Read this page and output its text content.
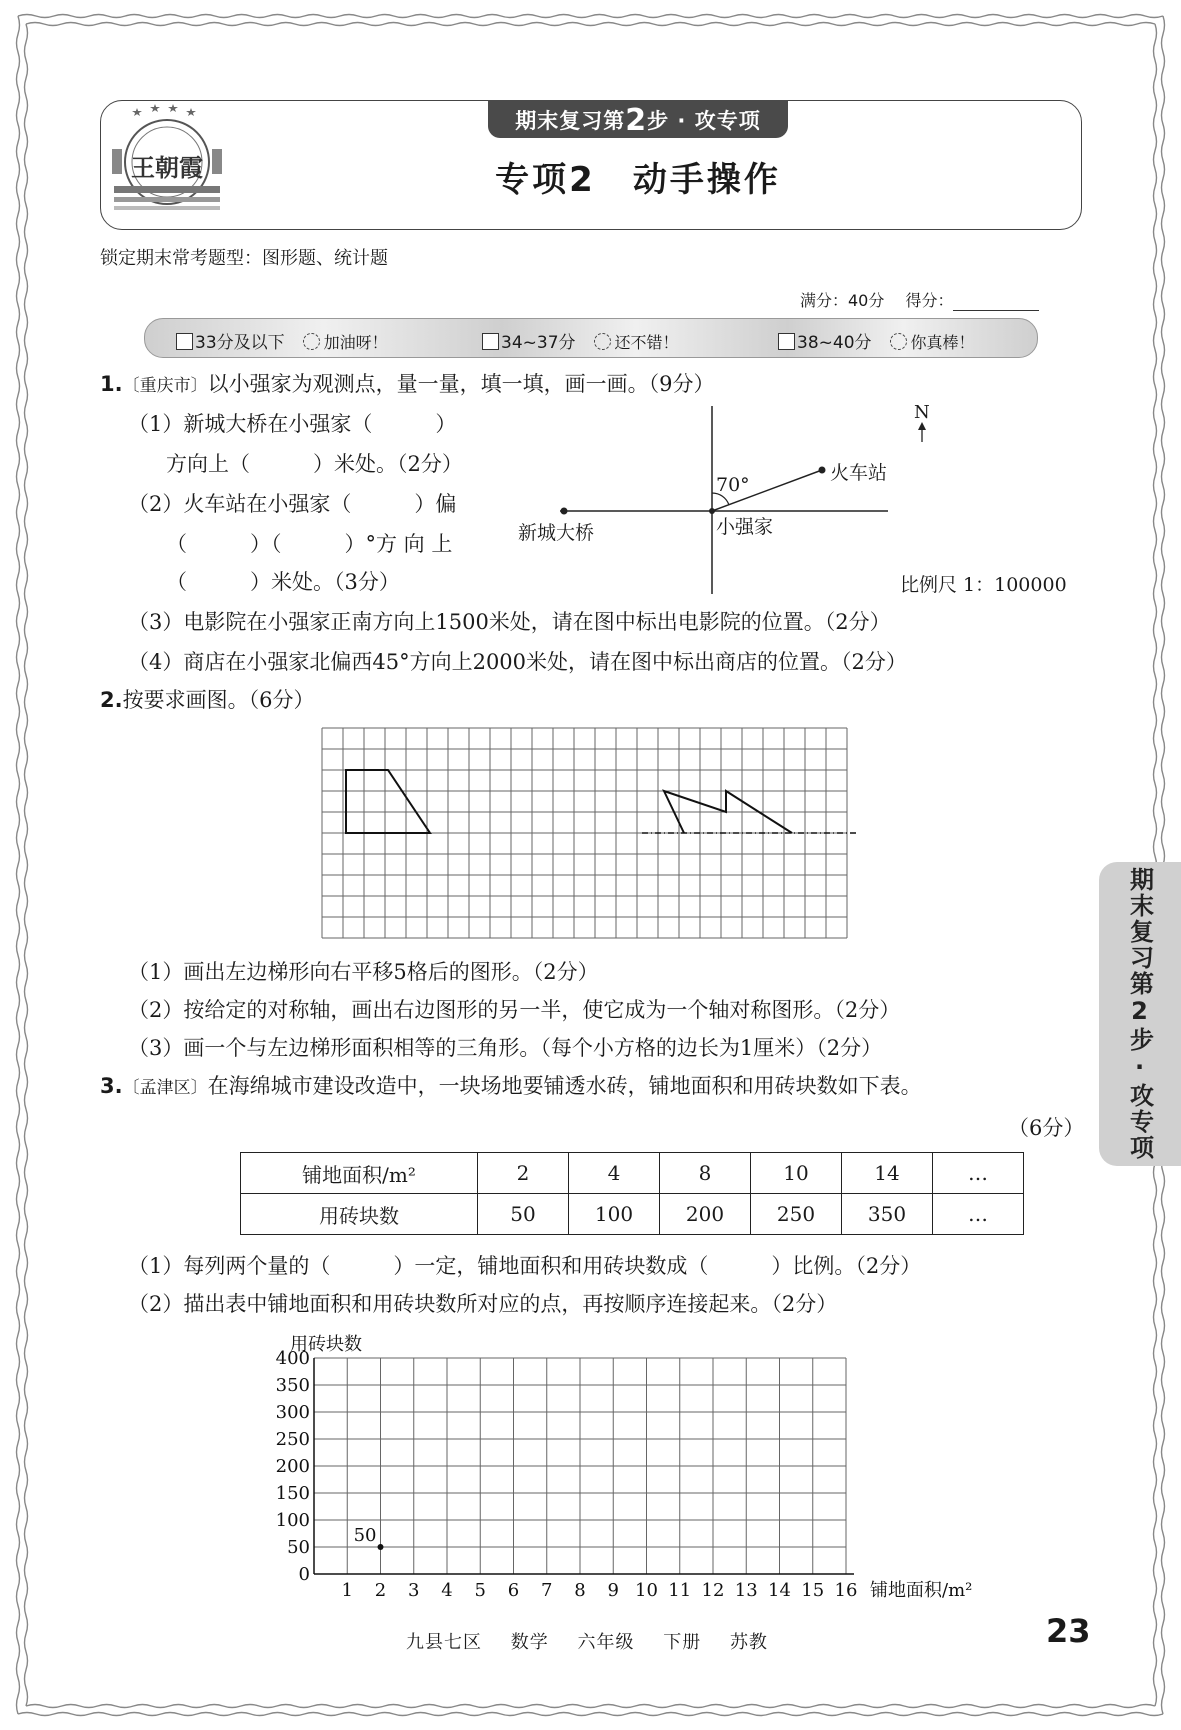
王朝霞
期末复习第2步 · 攻专项
专项2　动手操作
锁定期末常考题型：图形题、统计题
满分：40分 得分：
33分及以下 加油呀！	34~37分 还不错！	38~40分 你真棒！
1.〔重庆市〕以小强家为观测点，量一量，填一填，画一画。（9分）
（1）新城大桥在小强家（　　　）
方向上（　　　）米处。（2分）
（2）火车站在小强家（　　　）偏
（　　　）（　　　）°方 向 上
（　　　）米处。（3分）
N
70°
火车站
新城大桥	小强家
比例尺 1：100000
（3）电影院在小强家正南方向上1500米处，请在图中标出电影院的位置。（2分）
（4）商店在小强家北偏西45°方向上2000米处，请在图中标出商店的位置。（2分）
2.按要求画图。（6分）
（1）画出左边梯形向右平移5格后的图形。（2分）
（2）按给定的对称轴，画出右边图形的另一半，使它成为一个轴对称图形。（2分）
（3）画一个与左边梯形面积相等的三角形。（每个小方格的边长为1厘米）（2分）
3.〔孟津区〕在海绵城市建设改造中，一块场地要铺透水砖，铺地面积和用砖块数如下表。
（6分）
铺地面积/m²	2	4	8	10	14	…
用砖块数	50	100	200	250	350	…
（1）每列两个量的（　　　）一定，铺地面积和用砖块数成（　　　）比例。（2分）
（2）描出表中铺地面积和用砖块数所对应的点，再按顺序连接起来。（2分）
1 2 3 4 5 6 7 8 9 10 11 12 13 14 15 16
0
50
100
150
200
250
300
350
400
用砖块数
铺地面积/m²
50
期末复习第2步·攻专项
九县七区 数学 六年级 下册 苏教	23
